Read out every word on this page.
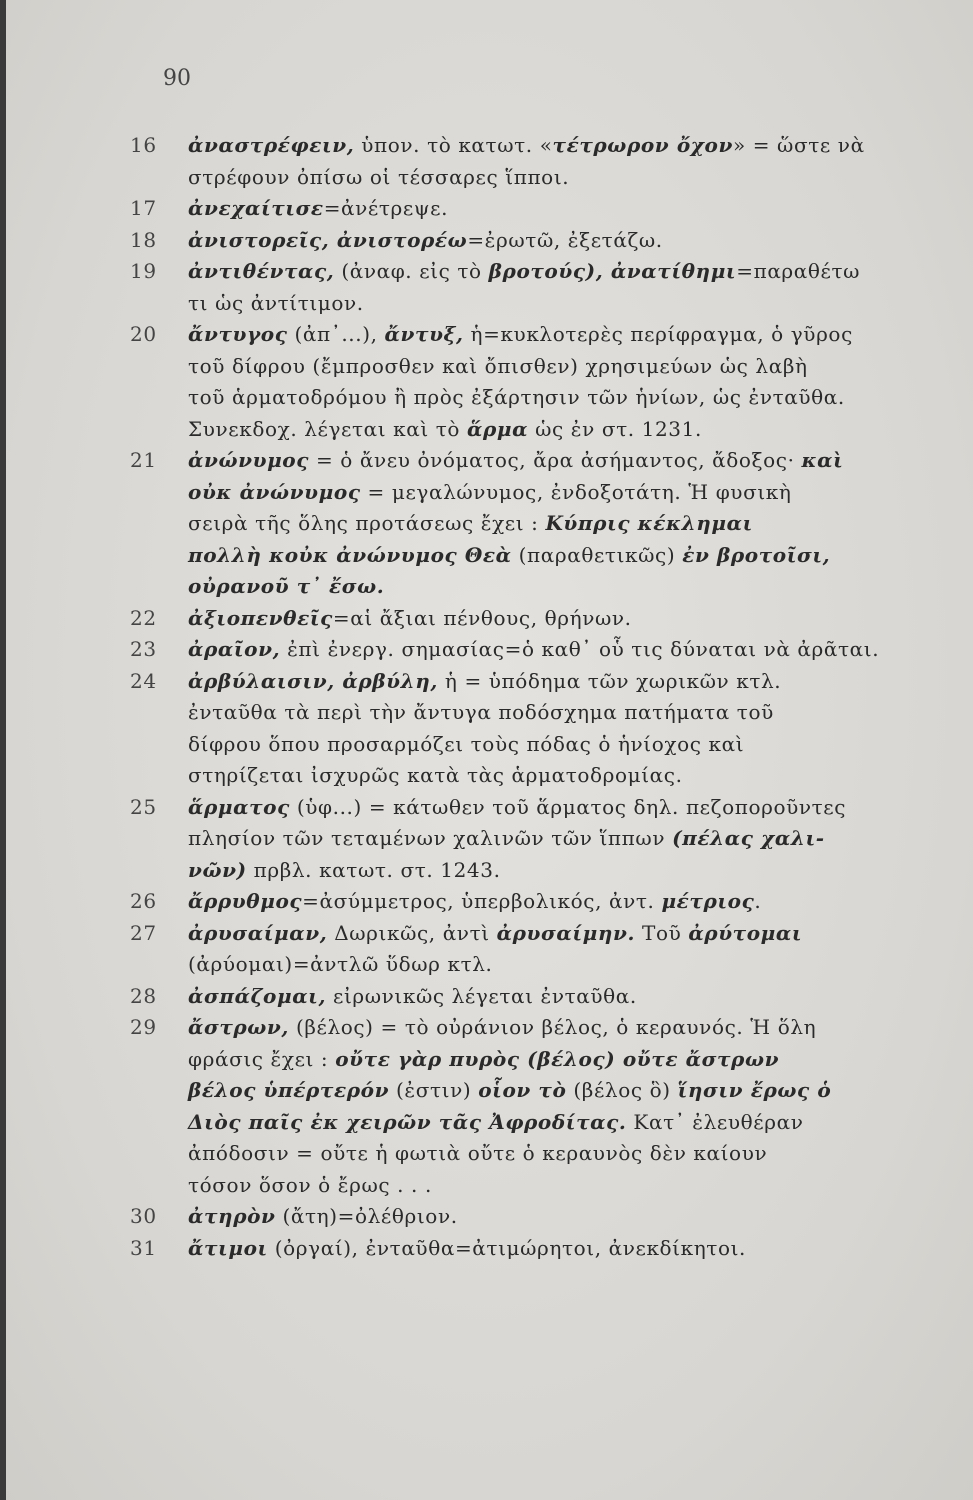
90
16	ἀναστρέφειν, ὑπον. τὸ κατωτ. «τέτρωρον ὄχον» = ὥστε νὰ
στρέφουν ὀπίσω οἱ τέσσαρες ἵπποι.
17	ἀνεχαίτισε=ἀνέτρεψε.
18	ἀνιστορεῖς, ἀνιστορέω=ἐρωτῶ, ἐξετάζω.
19	ἀντιθέντας, (ἀναφ. εἰς τὸ βροτούς), ἀνατίθημι=παραθέτω
τι ὡς ἀντίτιμον.
20	ἄντυγος (ἀπ᾽...), ἄντυξ, ἡ=κυκλοτερὲς περίφραγμα, ὁ γῦρος
τοῦ δίφρου (ἔμπροσθεν καὶ ὄπισθεν) χρησιμεύων ὡς λαβὴ
τοῦ ἁρματοδρόμου ἢ πρὸς ἐξάρτησιν τῶν ἡνίων, ὡς ἐνταῦθα.
Συνεκδοχ. λέγεται καὶ τὸ ἅρμα ὡς ἐν στ. 1231.
21	ἀνώνυμος = ὁ ἄνευ ὀνόματος, ἄρα ἀσήμαντος, ἄδοξος· καὶ
οὐκ ἀνώνυμος = μεγαλώνυμος, ἐνδοξοτάτη. Ἡ φυσικὴ
σειρὰ τῆς ὅλης προτάσεως ἔχει : Κύπρις κέκλημαι
πολλὴ κοὐκ ἀνώνυμος Θεὰ (παραθετικῶς) ἐν βροτοῖσι,
οὐρανοῦ τ᾽ ἔσω.
22	ἀξιοπενθεῖς=αἱ ἄξιαι πένθους, θρήνων.
23	ἀραῖον, ἐπὶ ἐνεργ. σημασίας=ὁ καθ᾽ οὗ τις δύναται νὰ ἀρᾶται.
24	ἀρβύλαισιν, ἀρβύλη, ἡ = ὑπόδημα τῶν χωρικῶν κτλ.
ἐνταῦθα τὰ περὶ τὴν ἄντυγα ποδόσχημα πατήματα τοῦ
δίφρου ὅπου προσαρμόζει τοὺς πόδας ὁ ἡνίοχος καὶ
στηρίζεται ἰσχυρῶς κατὰ τὰς ἁρματοδρομίας.
25	ἅρματος (ὑφ...) = κάτωθεν τοῦ ἅρματος δηλ. πεζοποροῦντες
πλησίον τῶν τεταμένων χαλινῶν τῶν ἵππων (πέλας χαλι-
νῶν) πρβλ. κατωτ. στ. 1243.
26	ἄρρυθμος=ἀσύμμετρος, ὑπερβολικός, ἀντ. μέτριος.
27	ἀρυσαίμαν, Δωρικῶς, ἀντὶ ἀρυσαίμην. Τοῦ ἀρύτομαι
(ἀρύομαι)=ἀντλῶ ὕδωρ κτλ.
28	ἀσπάζομαι, εἰρωνικῶς λέγεται ἐνταῦθα.
29	ἄστρων, (βέλος) = τὸ οὐράνιον βέλος, ὁ κεραυνός. Ἡ ὅλη
φράσις ἔχει : οὔτε γὰρ πυρὸς (βέλος) οὔτε ἄστρων
βέλος ὑπέρτερόν (ἐστιν) οἷον τὸ (βέλος ὃ) ἵησιν ἔρως ὁ
Διὸς παῖς ἐκ χειρῶν τᾶς Ἀφροδίτας. Κατ᾽ ἐλευθέραν
ἀπόδοσιν = οὔτε ἡ φωτιὰ οὔτε ὁ κεραυνὸς δὲν καίουν
τόσον ὅσον ὁ ἔρως . . .
30	ἀτηρὸν (ἄτη)=ὀλέθριον.
31	ἄτιμοι (ὀργαί), ἐνταῦθα=ἀτιμώρητοι, ἀνεκδίκητοι.
